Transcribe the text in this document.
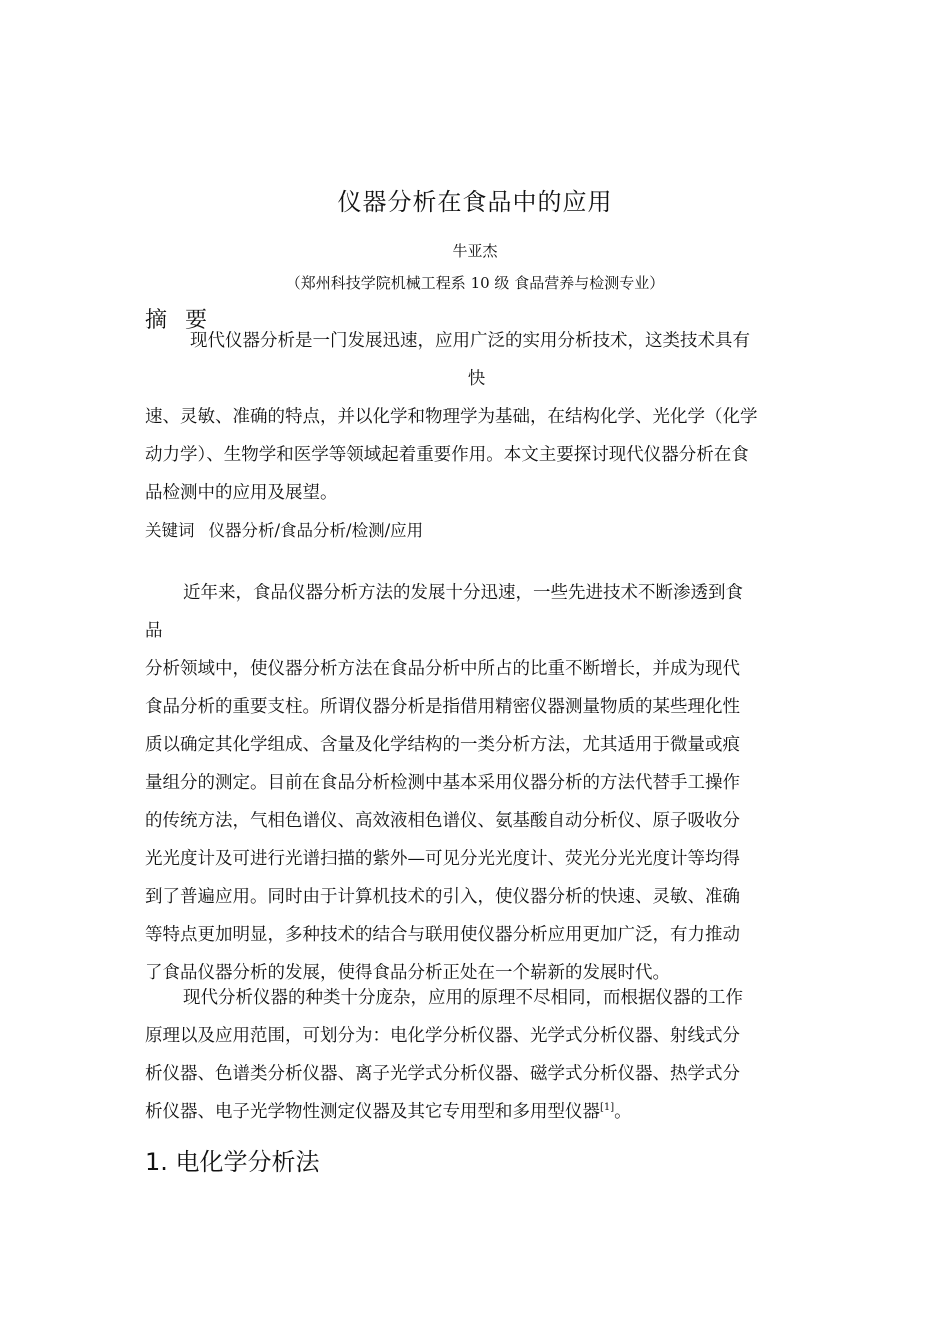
仪器分析在食品中的应用
牛亚杰
（郑州科技学院机械工程系 10 级 食品营养与检测专业）
摘要
现代仪器分析是一门发展迅速，应用广泛的实用分析技术，这类技术具有
快
速、灵敏、准确的特点，并以化学和物理学为基础，在结构化学、光化学（化学
动力学）、生物学和医学等领域起着重要作用。本文主要探讨现代仪器分析在食
品检测中的应用及展望。
关键词 仪器分析/食品分析/检测/应用
近年来，食品仪器分析方法的发展十分迅速，一些先进技术不断渗透到食
品
分析领域中，使仪器分析方法在食品分析中所占的比重不断增长，并成为现代
食品分析的重要支柱。所谓仪器分析是指借用精密仪器测量物质的某些理化性
质以确定其化学组成、含量及化学结构的一类分析方法，尤其适用于微量或痕
量组分的测定。目前在食品分析检测中基本采用仪器分析的方法代替手工操作
的传统方法，气相色谱仪、高效液相色谱仪、氨基酸自动分析仪、原子吸收分
光光度计及可进行光谱扫描的紫外—可见分光光度计、荧光分光光度计等均得
到了普遍应用。同时由于计算机技术的引入，使仪器分析的快速、灵敏、准确
等特点更加明显，多种技术的结合与联用使仪器分析应用更加广泛，有力推动
了食品仪器分析的发展，使得食品分析正处在一个崭新的发展时代。
现代分析仪器的种类十分庞杂，应用的原理不尽相同，而根据仪器的工作
原理以及应用范围，可划分为：电化学分析仪器、光学式分析仪器、射线式分
析仪器、色谱类分析仪器、离子光学式分析仪器、磁学式分析仪器、热学式分
析仪器、电子光学物性测定仪器及其它专用型和多用型仪器[1]。
1. 电化学分析法
